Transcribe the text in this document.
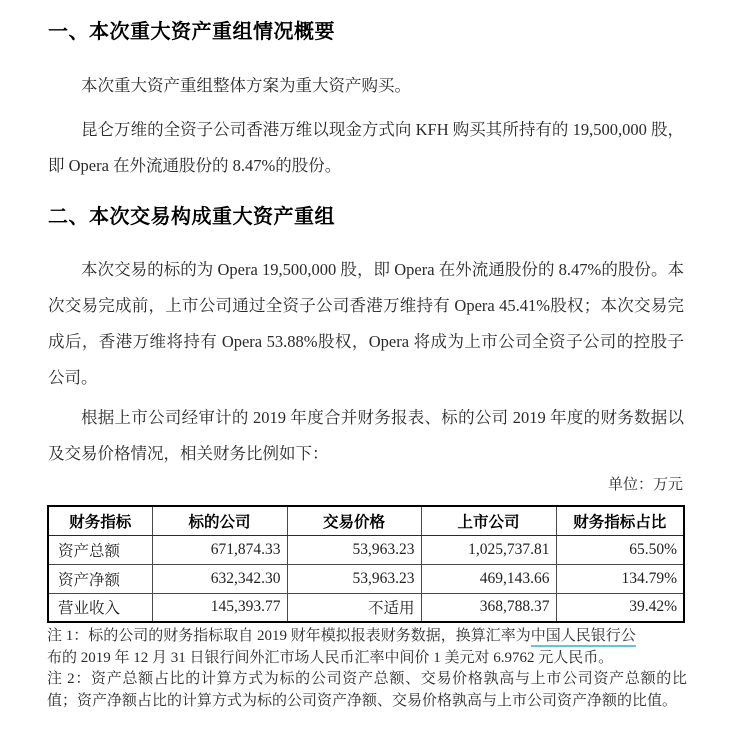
一、本次重大资产重组情况概要

本次重大资产重组整体方案为重大资产购买。

昆仑万维的全资子公司香港万维以现金方式向 KFH 购买其所持有的 19,500,000 股，即 Opera 在外流通股份的 8.47%的股份。

二、本次交易构成重大资产重组

本次交易的标的为 Opera 19,500,000 股，即 Opera 在外流通股份的 8.47%的股份。本次交易完成前，上市公司通过全资子公司香港万维持有 Opera 45.41%股权；本次交易完成后，香港万维将持有 Opera 53.88%股权，Opera 将成为上市公司全资子公司的控股子公司。

根据上市公司经审计的 2019 年度合并财务报表、标的公司 2019 年度的财务数据以及交易价格情况，相关财务比例如下：

单位：万元
财务指标	标的公司	交易价格	上市公司	财务指标占比
资产总额	671,874.33	53,963.23	1,025,737.81	65.50%
资产净额	632,342.30	53,963.23	469,143.66	134.79%
营业收入	145,393.77	不适用	368,788.37	39.42%
注 1：标的公司的财务指标取自 2019 财年模拟报表财务数据，换算汇率为中国人民银行公
布的 2019 年 12 月 31 日银行间外汇市场人民币汇率中间价 1 美元对 6.9762 元人民币。
注 2：资产总额占比的计算方式为标的公司资产总额、交易价格孰高与上市公司资产总额的比值；资产净额占比的计算方式为标的公司资产净额、交易价格孰高与上市公司资产净额的比值。
